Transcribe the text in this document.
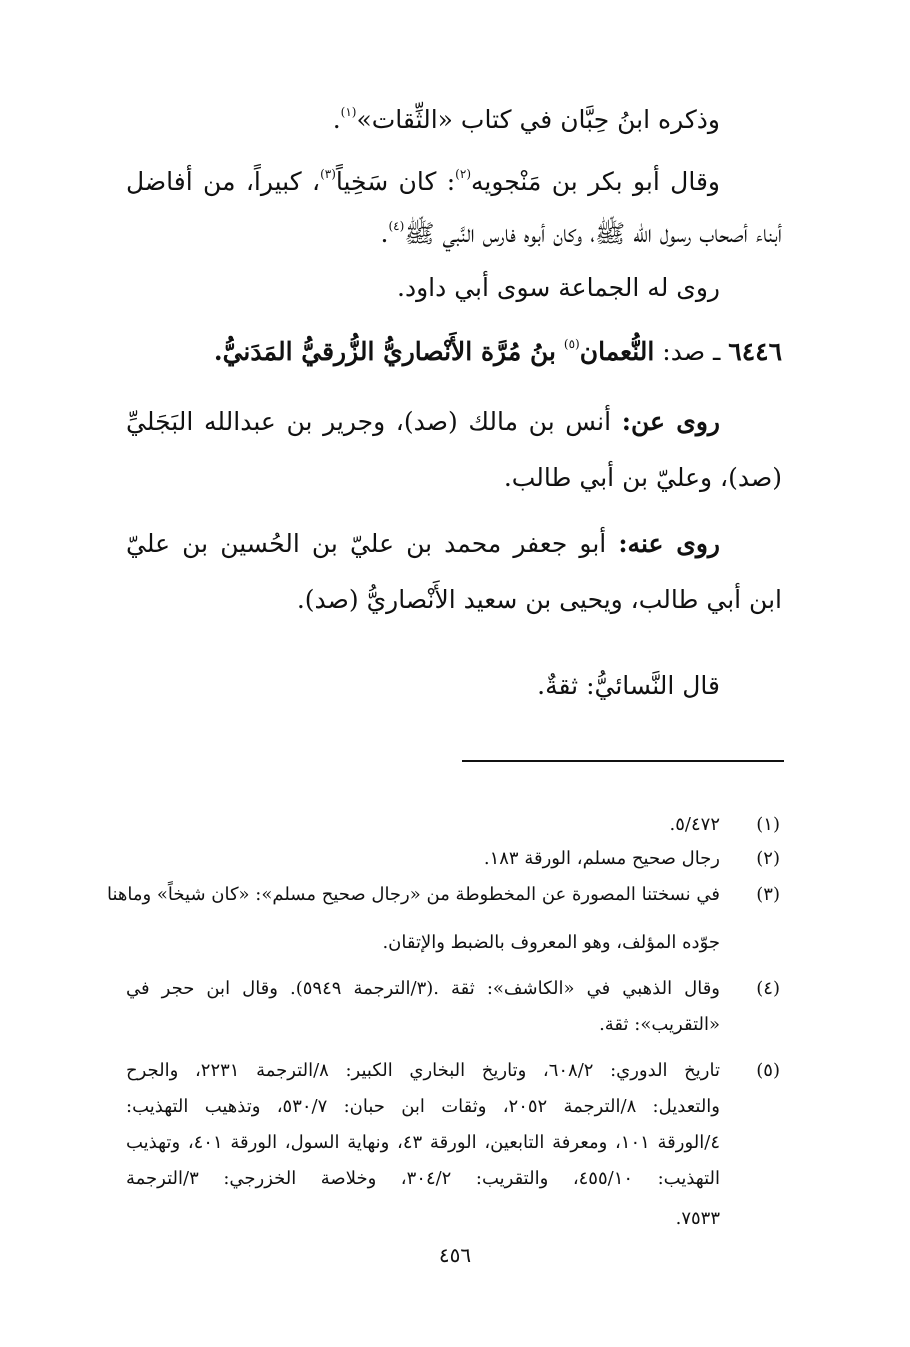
وذكره ابنُ حِبَّان في كتاب «الثِّقات»$^{(١)}$.
وقال أبو بكر بن مَنْجويه$^{(٢)}$: كان سَخِياً$^{(٣)}$، كبيراً، من أفاضل
أبناء أصحاب رسول الله ﷺ، وكان أبوه فارس النَّبي ﷺ$^{(٤)}$.
روى له الجماعة سوى أبي داود.
٦٤٤٦ ـ صد: النُّعمان$^{(٥)}$ بنُ مُرَّة الأَنْصاريُّ الزُّرقيُّ المَدَنيُّ.
روى عن: أنس بن مالك (صد)، وجرير بن عبدالله البَجَليِّ
(صد)، وعليّ بن أبي طالب.
روى عنه: أبو جعفر محمد بن عليّ بن الحُسين بن عليّ
ابن أبي طالب، ويحيى بن سعيد الأَنْصاريُّ (صد).
قال النَّسائيُّ: ثقةٌ.
(١)
٥/٤٧٢.
(٢)
رجال صحيح مسلم، الورقة ١٨٣.
(٣)
في نسختنا المصورة عن المخطوطة من «رجال صحيح مسلم»: «كان شيخاً» وماهنا
جوّده المؤلف، وهو المعروف بالضبط والإتقان.
(٤)
وقال الذهبي في «الكاشف»: ثقة .(٣/الترجمة ٥٩٤٩). وقال ابن حجر في
«التقريب»: ثقة.
(٥)
تاريخ الدوري: ٦٠٨/٢، وتاريخ البخاري الكبير: ٨/الترجمة ٢٢٣١، والجرح
والتعديل: ٨/الترجمة ٢٠٥٢، وثقات ابن حبان: ٥٣٠/٧، وتذهيب التهذيب:
٤/الورقة ١٠١، ومعرفة التابعين، الورقة ٤٣، ونهاية السول، الورقة ٤٠١، وتهذيب
التهذيب: ٤٥٥/١٠، والتقريب: ٣٠٤/٢، وخلاصة الخزرجي: ٣/الترجمة
٧٥٣٣.
٤٥٦
